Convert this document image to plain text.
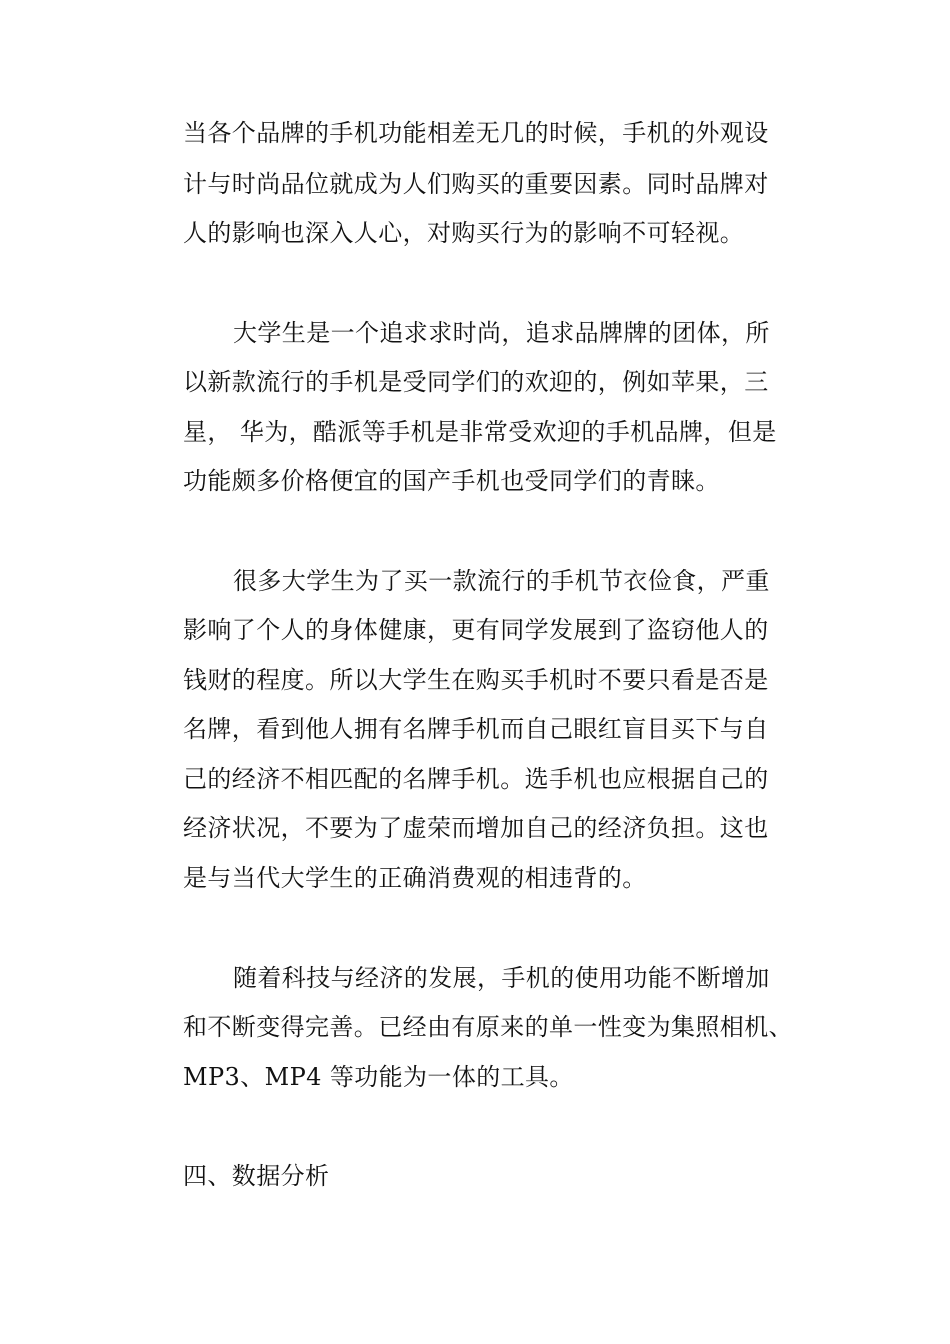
当各个品牌的手机功能相差无几的时候，手机的外观设
计与时尚品位就成为人们购买的重要因素。同时品牌对
人的影响也深入人心，对购买行为的影响不可轻视。
大学生是一个追求求时尚，追求品牌牌的团体，所
以新款流行的手机是受同学们的欢迎的，例如苹果，三
星， 华为，酷派等手机是非常受欢迎的手机品牌，但是
功能颇多价格便宜的国产手机也受同学们的青睐。
很多大学生为了买一款流行的手机节衣俭食，严重
影响了个人的身体健康，更有同学发展到了盗窃他人的
钱财的程度。所以大学生在购买手机时不要只看是否是
名牌，看到他人拥有名牌手机而自己眼红盲目买下与自
己的经济不相匹配的名牌手机。选手机也应根据自己的
经济状况，不要为了虚荣而增加自己的经济负担。这也
是与当代大学生的正确消费观的相违背的。
随着科技与经济的发展，手机的使用功能不断增加
和不断变得完善。已经由有原来的单一性变为集照相机、
MP3、MP4 等功能为一体的工具。
四、数据分析
